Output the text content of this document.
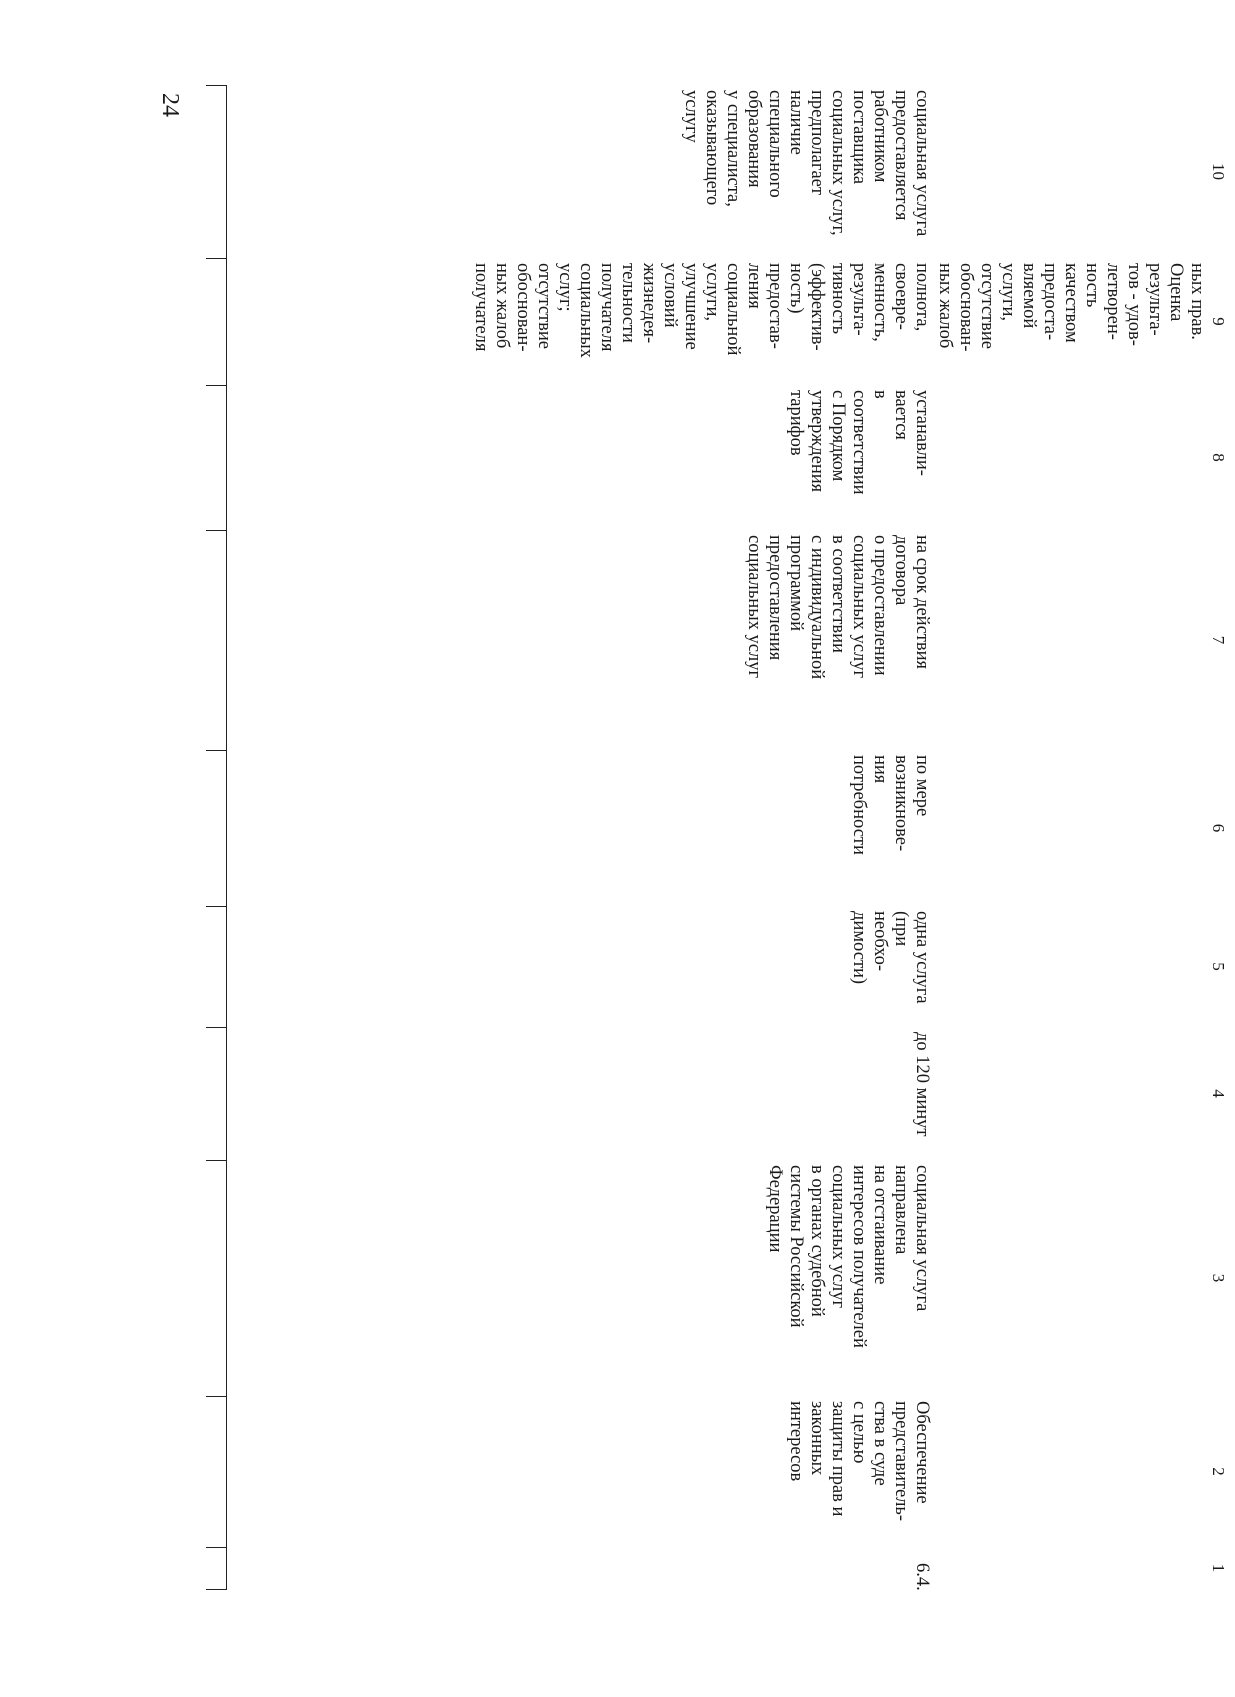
24
10
9
8
7
6
5
4
3
2
1
ных прав.
Оценка
результа-
тов - удов-
летворен-
ность
качеством
предоста-
вляемой
услуги,
отсутствие
обоснован-
ных жалоб
6.4.
Обеспечение
представитель-
ства в суде
с целью
защиты прав и
законных
интересов
социальная услуга
направлена
на отстаивание
интересов получателей
социальных услуг
в органах судебной
системы Российской
Федерации
до 120 минут
одна услуга
(при
необхо-
димости)
по мере
возникнове-
ния
потребности
на срок действия
договора
о предоставлении
социальных услуг
в соответствии
с индивидуальной
программой
предоставления
социальных услуг
устанавли-
вается
в
соответствии
с Порядком
утверждения
тарифов
полнота,
своевре-
менность,
результа-
тивность
(эффектив-
ность)
предостав-
ления
социальной
услуги,
улучшение
условий
жизнедея-
тельности
получателя
социальных
услуг;
отсутствие
обоснован-
ных жалоб
получателя
социальная услуга
предоставляется
работником
поставщика
социальных услуг,
предполагает
наличие
специального
образования
у специалиста,
оказывающего
услугу
